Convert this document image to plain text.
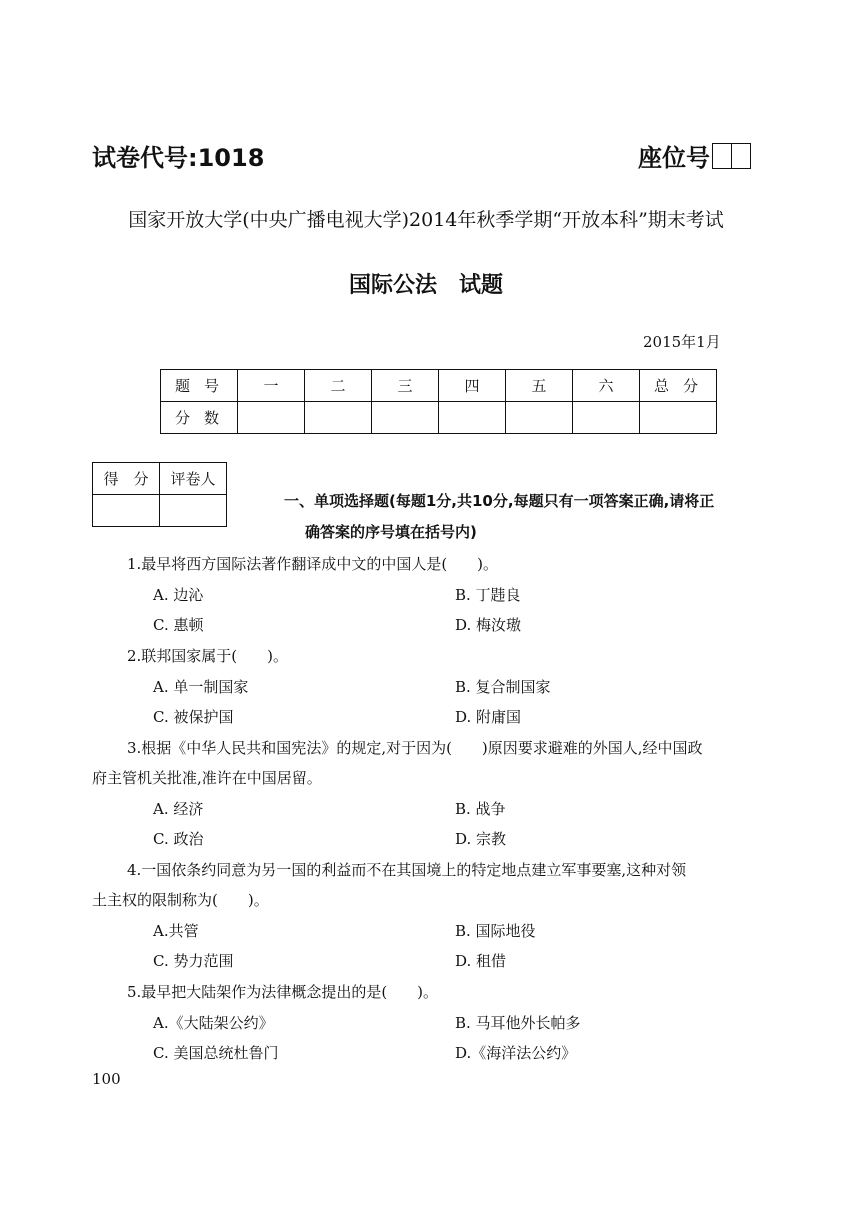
试卷代号:1018	座位号
国家开放大学(中央广播电视大学)2014年秋季学期“开放本科”期末考试
国际公法　试题
2015年1月
题号	一	二	三	四	五	六	总分
分数							
得　分	评卷人

一、单项选择题(每题1分,共10分,每题只有一项答案正确,请将正
确答案的序号填在括号内)
1.最早将西方国际法著作翻译成中文的中国人是(　　)。
A. 边沁	B. 丁韪良
C. 惠顿	D. 梅汝璈
2.联邦国家属于(　　)。
A. 单一制国家	B. 复合制国家
C. 被保护国	D. 附庸国
3.根据《中华人民共和国宪法》的规定,对于因为(　　)原因要求避难的外国人,经中国政
府主管机关批准,准许在中国居留。
A. 经济	B. 战争
C. 政治	D. 宗教
4.一国依条约同意为另一国的利益而不在其国境上的特定地点建立军事要塞,这种对领
土主权的限制称为(　　)。
A.共管	B. 国际地役
C. 势力范围	D. 租借
5.最早把大陆架作为法律概念提出的是(　　)。
A.《大陆架公约》	B. 马耳他外长帕多
C. 美国总统杜鲁门	D.《海洋法公约》
100
